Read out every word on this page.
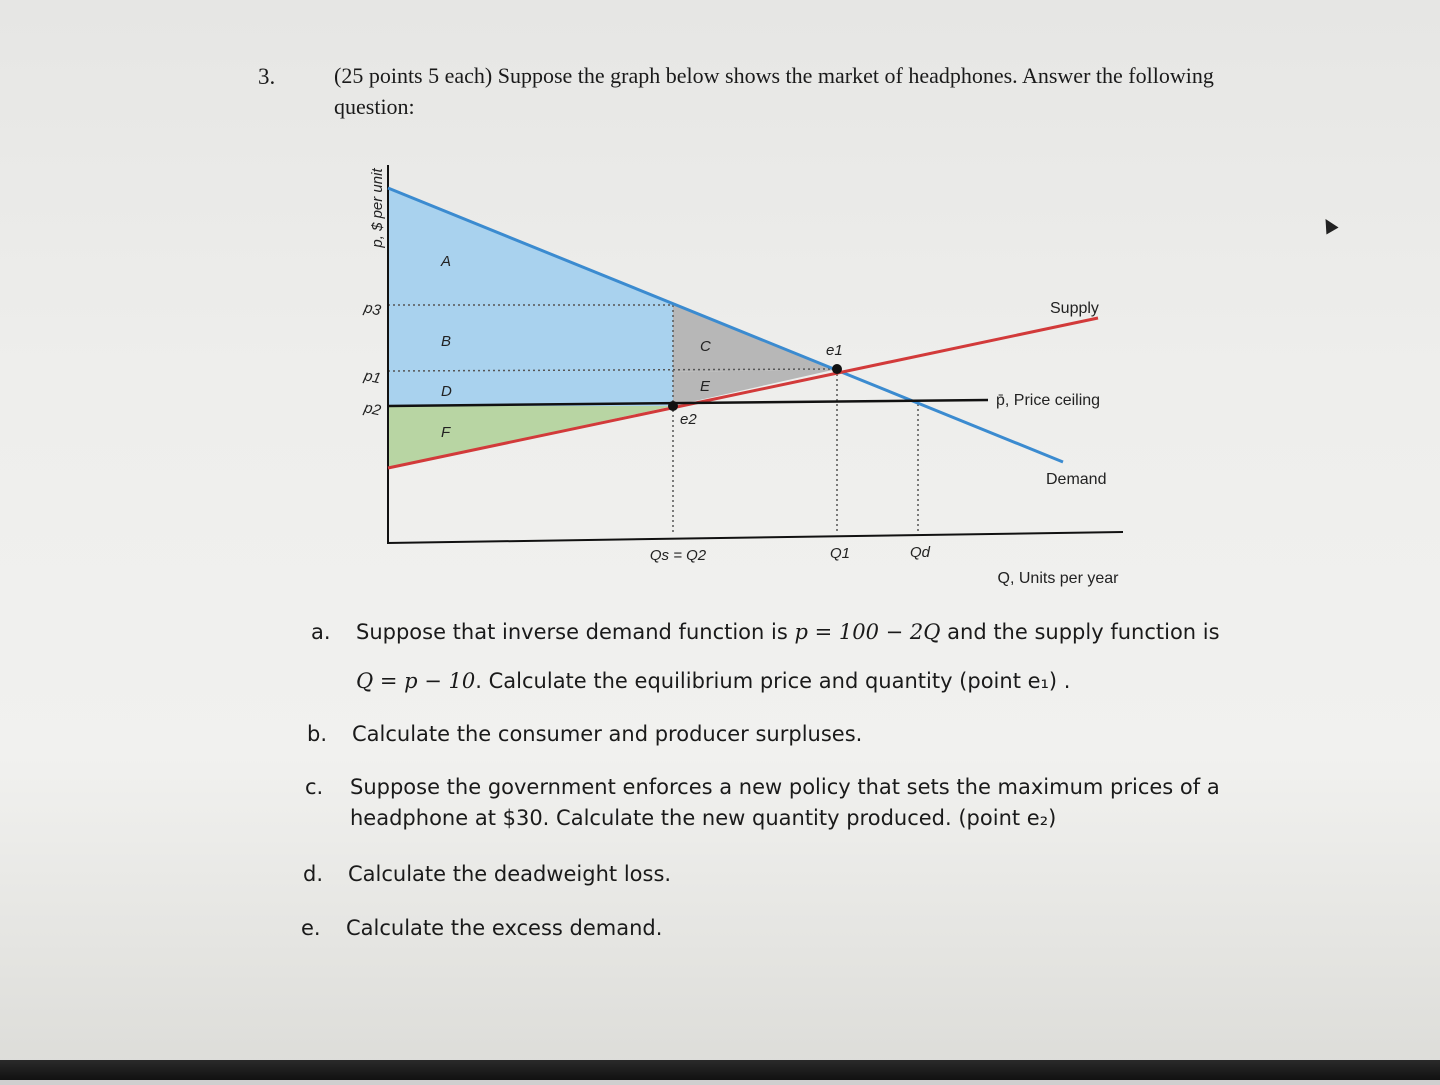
3.	(25 points 5 each) Suppose the graph below shows the market of headphones. Answer the following question:
p, $ per unit
Q, Units per year
p3
p1
p2
A
B
D
F
C
E
e1
e2
Supply
Demand
p̄, Price ceiling
Qs = Q2	Q1	Qd
a. Suppose that inverse demand function is p = 100 − 2Q and the supply function is
Q = p − 10. Calculate the equilibrium price and quantity (point e₁) .
b. Calculate the consumer and producer surpluses.
c. Suppose the government enforces a new policy that sets the maximum prices of a
headphone at $30. Calculate the new quantity produced. (point e₂)
d. Calculate the deadweight loss.
e. Calculate the excess demand.
